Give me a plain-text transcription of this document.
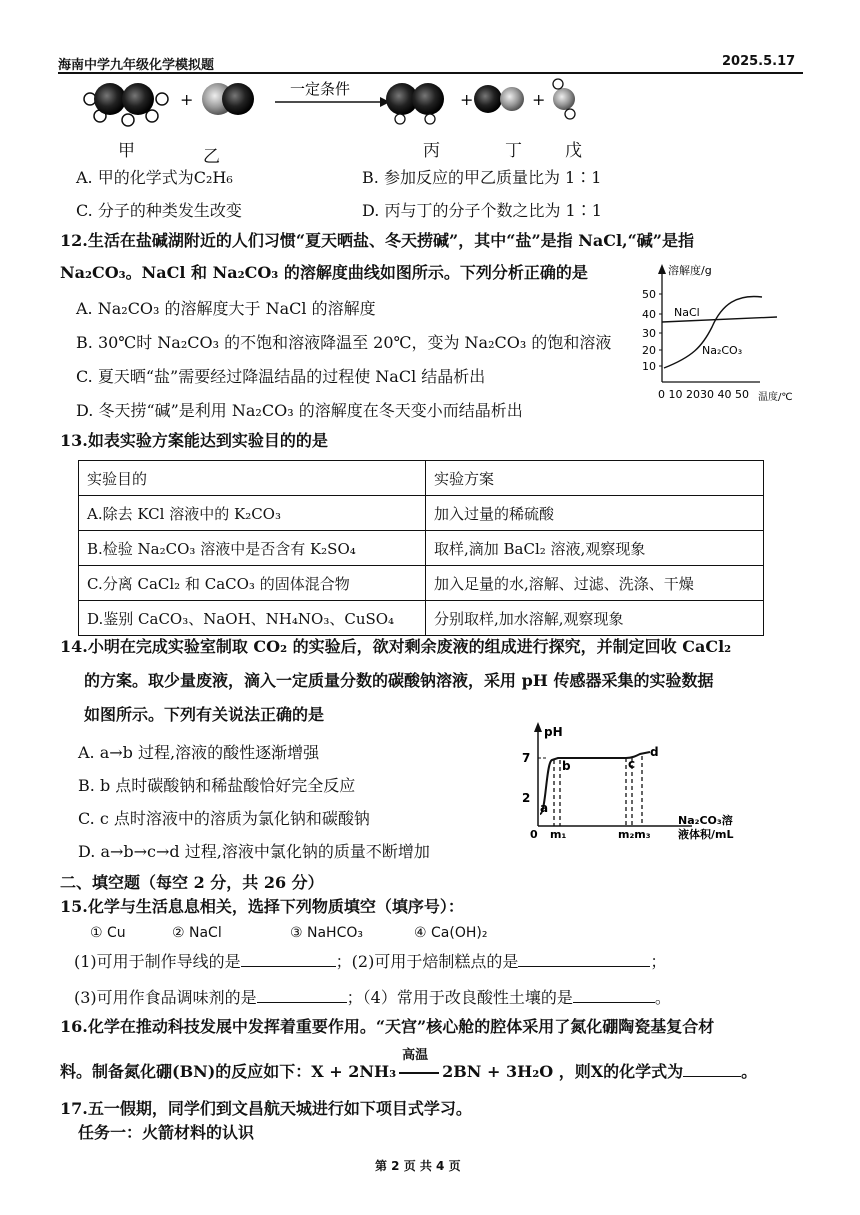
海南中学九年级化学模拟题	2025.5.17
+
一定条件
+	+
甲	乙	丙	丁	戊
A. 甲的化学式为C₂H₆	B. 参加反应的甲乙质量比为 1∶1
C. 分子的种类发生改变	D. 丙与丁的分子个数之比为 1∶1
12.生活在盐碱湖附近的人们习惯“夏天晒盐、冬天捞碱”，其中“盐”是指 NaCl,“碱”是指
Na₂CO₃。NaCl 和 Na₂CO₃ 的溶解度曲线如图所示。下列分析正确的是
A. Na₂CO₃ 的溶解度大于 NaCl 的溶解度
B. 30℃时 Na₂CO₃ 的不饱和溶液降温至 20℃，变为 Na₂CO₃ 的饱和溶液
C. 夏天晒“盐”需要经过降温结晶的过程使 NaCl 结晶析出
D. 冬天捞“碱”是利用 Na₂CO₃ 的溶解度在冬天变小而结晶析出
溶解度/g
50
40
30
20
10
NaCl
Na₂CO₃
0 10 2030 40 50 温度/℃
13.如表实验方案能达到实验目的的是
实验目的	实验方案
A.除去 KCl 溶液中的 K₂CO₃	加入过量的稀硫酸
B.检验 Na₂CO₃ 溶液中是否含有 K₂SO₄	取样,滴加 BaCl₂ 溶液,观察现象
C.分离 CaCl₂ 和 CaCO₃ 的固体混合物	加入足量的水,溶解、过滤、洗涤、干燥
D.鉴别 CaCO₃、NaOH、NH₄NO₃、CuSO₄	分别取样,加水溶解,观察现象
14.小明在完成实验室制取 CO₂ 的实验后，欲对剩余废液的组成进行探究，并制定回收 CaCl₂
的方案。取少量废液，滴入一定质量分数的碳酸钠溶液，采用 pH 传感器采集的实验数据
如图所示。下列有关说法正确的是
A. a→b 过程,溶液的酸性逐渐增强
B. b 点时碳酸钠和稀盐酸恰好完全反应
C. c 点时溶液中的溶质为氯化钠和碳酸钠
D. a→b→c→d 过程,溶液中氯化钠的质量不断增加
pH
7
2
a
b	c
d
0 m₁	m₂m₃
Na₂CO₃溶
液体积/mL
二、填空题（每空 2 分，共 26 分）
15.化学与生活息息相关，选择下列物质填空（填序号）：
① Cu	② NaCl	③ NaHCO₃	④ Ca(OH)₂
(1)可用于制作导线的是	；(2)可用于焙制糕点的是	；
(3)可用作食品调味剂的是	；（4）常用于改良酸性土壤的是	。
16.化学在推动科技发展中发挥着重要作用。“天宫”核心舱的腔体采用了氮化硼陶瓷基复合材
料。制备氮化硼(BN)的反应如下：X + 2NH₃
高温
2BN + 3H₂O ，则X的化学式为	。
17.五一假期，同学们到文昌航天城进行如下项目式学习。
任务一：火箭材料的认识
第 2 页 共 4 页
